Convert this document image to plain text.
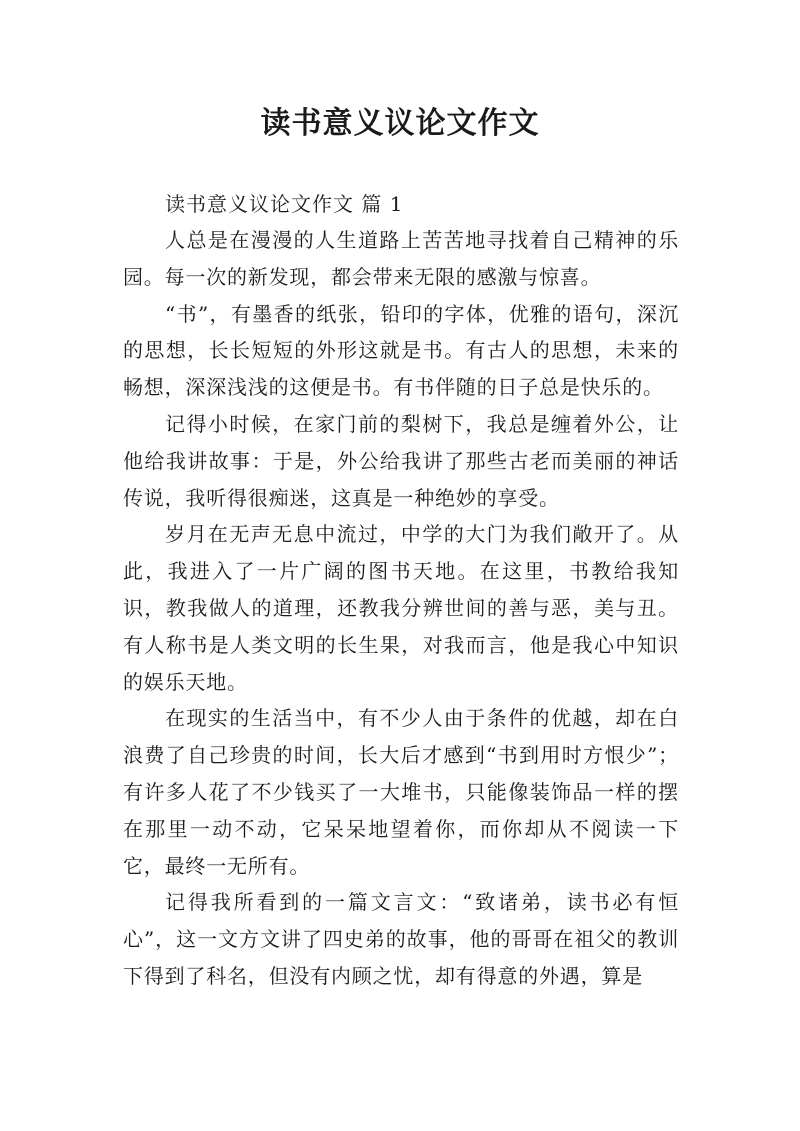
读书意义议论文作文

读书意义议论文作文 篇 1

人总是在漫漫的人生道路上苦苦地寻找着自己精神的乐园。每一次的新发现，都会带来无限的感激与惊喜。

“书”，有墨香的纸张，铅印的字体，优雅的语句，深沉的思想，长长短短的外形这就是书。有古人的思想，未来的畅想，深深浅浅的这便是书。有书伴随的日子总是快乐的。

记得小时候，在家门前的梨树下，我总是缠着外公，让他给我讲故事：于是，外公给我讲了那些古老而美丽的神话传说，我听得很痴迷，这真是一种绝妙的享受。

岁月在无声无息中流过，中学的大门为我们敞开了。从此，我进入了一片广阔的图书天地。在这里，书教给我知识，教我做人的道理，还教我分辨世间的善与恶，美与丑。有人称书是人类文明的长生果，对我而言，他是我心中知识的娱乐天地。

在现实的生活当中，有不少人由于条件的优越，却在白浪费了自己珍贵的时间，长大后才感到“书到用时方恨少”；有许多人花了不少钱买了一大堆书，只能像装饰品一样的摆在那里一动不动，它呆呆地望着你，而你却从不阅读一下它，最终一无所有。

记得我所看到的一篇文言文：“致诸弟，读书必有恒心”，这一文方文讲了四史弟的故事，他的哥哥在祖父的教训下得到了科名，但没有内顾之忧，却有得意的外遇，算是
